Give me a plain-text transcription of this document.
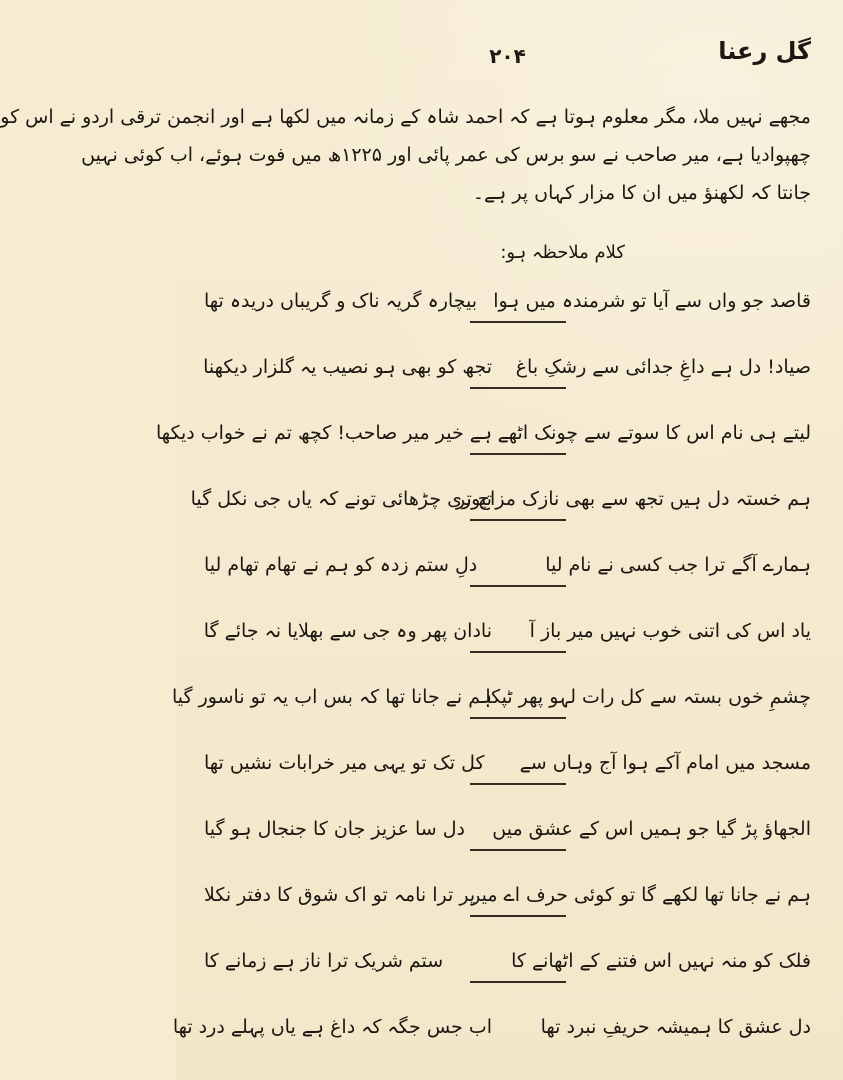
گل رعنا
۲۰۴
مجھے نہیں ملا، مگر معلوم ہوتا ہے کہ احمد شاہ کے زمانہ میں لکھا ہے اور انجمن ترقی اردو نے اس کو
چھپوادیا ہے، میر صاحب نے سو برس کی عمر پائی اور ۱۲۲۵ھ میں فوت ہوئے، اب کوئی نہیں
جانتا کہ لکھنؤ میں ان کا مزار کہاں پر ہے۔
کلام ملاحظہ ہو:
قاصد جو واں سے آیا تو شرمندہ میں ہوا
بیچارہ گریہ ناک و گریباں دریدہ تھا
صیاد! دل ہے داغِ جدائی سے رشکِ باغ
تجھ کو بھی ہو نصیب یہ گلزار دیکھنا
لیتے ہی نام اس کا سوتے سے چونک اٹھے
ہے خیر میر صاحب! کچھ تم نے خواب دیکھا
ہم خستہ دل ہیں تجھ سے بھی نازک مزاج تر
تیوری چڑھائی تونے کہ یاں جی نکل گیا
ہمارے آگے ترا جب کسی نے نام لیا
دلِ ستم زدہ کو ہم نے تھام تھام لیا
یاد اس کی اتنی خوب نہیں میر باز آ
نادان پھر وہ جی سے بھلایا نہ جائے گا
چشمِ خوں بستہ سے کل رات لہو پھر ٹپکا
ہم نے جانا تھا کہ بس اب یہ تو ناسور گیا
مسجد میں امام آکے ہوا آج وہاں سے
کل تک تو یہی میر خرابات نشیں تھا
الجھاؤ پڑ گیا جو ہمیں اس کے عشق میں
دل سا عزیز جان کا جنجال ہو گیا
ہم نے جانا تھا لکھے گا تو کوئی حرف اے میر
پر ترا نامہ تو اک شوق کا دفتر نکلا
فلک کو منہ نہیں اس فتنے کے اٹھانے کا
ستم شریک ترا ناز ہے زمانے کا
دل عشق کا ہمیشہ حریفِ نبرد تھا
اب جس جگہ کہ داغ ہے یاں پہلے درد تھا
